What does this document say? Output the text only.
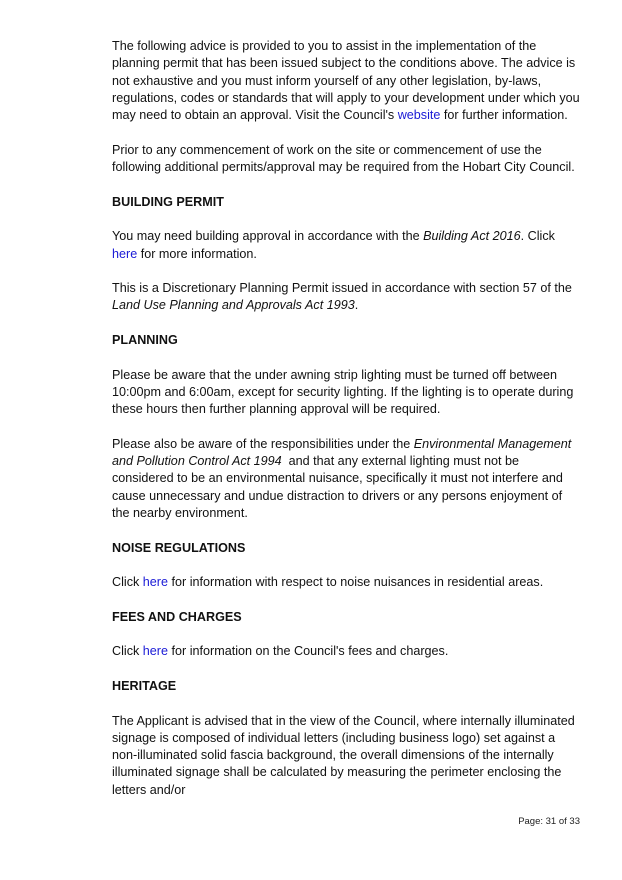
The following advice is provided to you to assist in the implementation of the planning permit that has been issued subject to the conditions above. The advice is not exhaustive and you must inform yourself of any other legislation, by-laws, regulations, codes or standards that will apply to your development under which you may need to obtain an approval. Visit the Council's website for further information.

Prior to any commencement of work on the site or commencement of use the following additional permits/approval may be required from the Hobart City Council.

BUILDING PERMIT

You may need building approval in accordance with the Building Act 2016. Click here for more information.

This is a Discretionary Planning Permit issued in accordance with section 57 of the Land Use Planning and Approvals Act 1993.

PLANNING

Please be aware that the under awning strip lighting must be turned off between 10:00pm and 6:00am, except for security lighting. If the lighting is to operate during these hours then further planning approval will be required.

Please also be aware of the responsibilities under the Environmental Management and Pollution Control Act 1994  and that any external lighting must not be considered to be an environmental nuisance, specifically it must not interfere and cause unnecessary and undue distraction to drivers or any persons enjoyment of the nearby environment.

NOISE REGULATIONS

Click here for information with respect to noise nuisances in residential areas.

FEES AND CHARGES

Click here for information on the Council's fees and charges.

HERITAGE

The Applicant is advised that in the view of the Council, where internally illuminated signage is composed of individual letters (including business logo) set against a non-illuminated solid fascia background, the overall dimensions of the internally illuminated signage shall be calculated by measuring the perimeter enclosing the letters and/or

Page: 31 of 33
